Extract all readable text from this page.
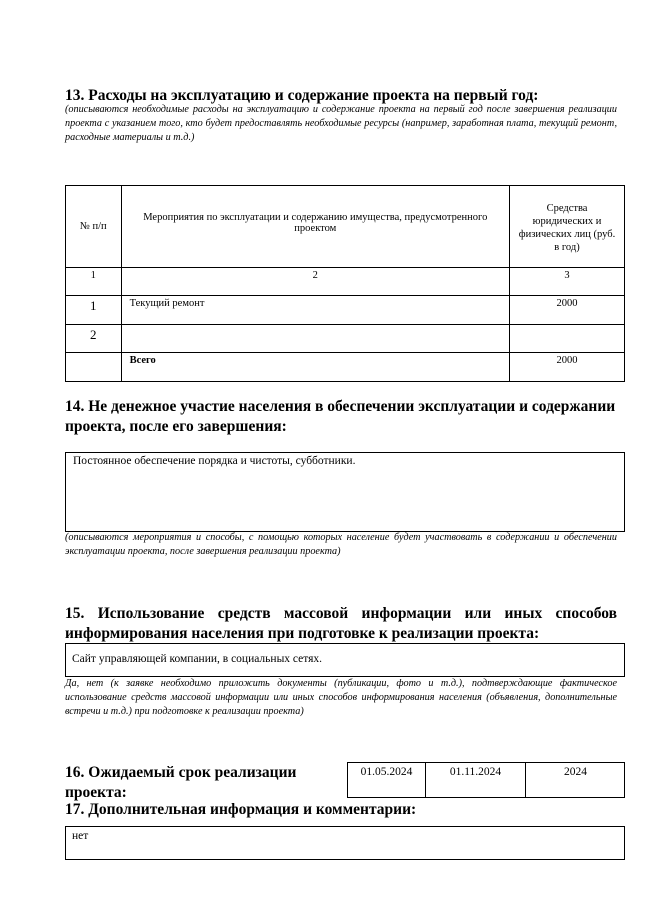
13. Расходы на эксплуатацию и содержание проекта на первый год:
(описываются необходимые расходы на эксплуатацию и содержание проекта на первый год после завершения реализации проекта с указанием того, кто будет предоставлять необходимые ресурсы (например, заработная плата, текущий ремонт, расходные материалы и т.д.)
№ п/п	Мероприятия по эксплуатации и содержанию имущества, предусмотренного проектом	Средства юридических и физических лиц (руб. в год)
1	2	3
1	Текущий ремонт	2000
2		
	Всего	2000
14. Не денежное участие населения в обеспечении эксплуатации и содержании проекта, после его завершения:
Постоянное обеспечение порядка и чистоты, субботники.
(описываются мероприятия и способы, с помощью которых население будет участвовать в содержании и обеспечении эксплуатации проекта, после завершения реализации проекта)
15. Использование средств массовой информации или иных способов информирования населения при подготовке к реализации проекта:
Сайт управляющей компании, в социальных сетях.
Да, нет (к заявке необходимо приложить документы (публикации, фото и т.д.), подтверждающие фактическое использование средств массовой информации или иных способов информирования населения (объявления, дополнительные встречи и т.д.) при подготовке к реализации проекта)
16. Ожидаемый срок реализации проекта:
01.05.2024	01.11.2024	2024
17. Дополнительная информация и комментарии:
нет
